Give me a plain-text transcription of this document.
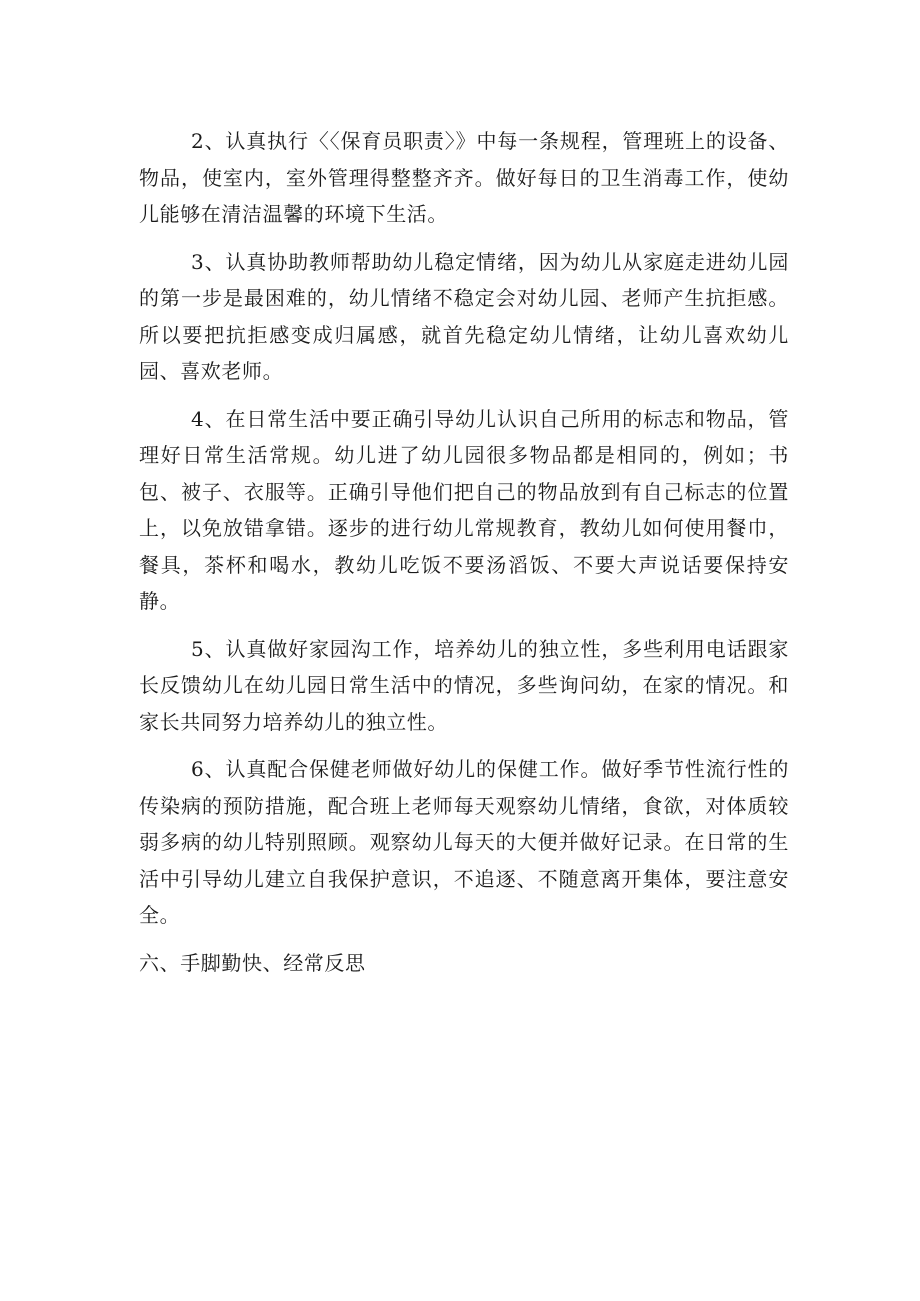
2、认真执行〈〈保育员职责〉》中每一条规程，管理班上的设备、物品，使室内，室外管理得整整齐齐。做好每日的卫生消毒工作，使幼儿能够在清洁温馨的环境下生活。

3、认真协助教师帮助幼儿稳定情绪，因为幼儿从家庭走进幼儿园的第一步是最困难的，幼儿情绪不稳定会对幼儿园、老师产生抗拒感。所以要把抗拒感变成归属感，就首先稳定幼儿情绪，让幼儿喜欢幼儿园、喜欢老师。

4、在日常生活中要正确引导幼儿认识自己所用的标志和物品，管理好日常生活常规。幼儿进了幼儿园很多物品都是相同的，例如；书包、被子、衣服等。正确引导他们把自己的物品放到有自己标志的位置上，以免放错拿错。逐步的进行幼儿常规教育，教幼儿如何使用餐巾，餐具，茶杯和喝水，教幼儿吃饭不要汤滔饭、不要大声说话要保持安静。

5、认真做好家园沟工作，培养幼儿的独立性，多些利用电话跟家长反馈幼儿在幼儿园日常生活中的情况，多些询问幼，在家的情况。和家长共同努力培养幼儿的独立性。

6、认真配合保健老师做好幼儿的保健工作。做好季节性流行性的传染病的预防措施，配合班上老师每天观察幼儿情绪，食欲，对体质较弱多病的幼儿特别照顾。观察幼儿每天的大便并做好记录。在日常的生活中引导幼儿建立自我保护意识，不追逐、不随意离开集体，要注意安全。

六、手脚勤快、经常反思
